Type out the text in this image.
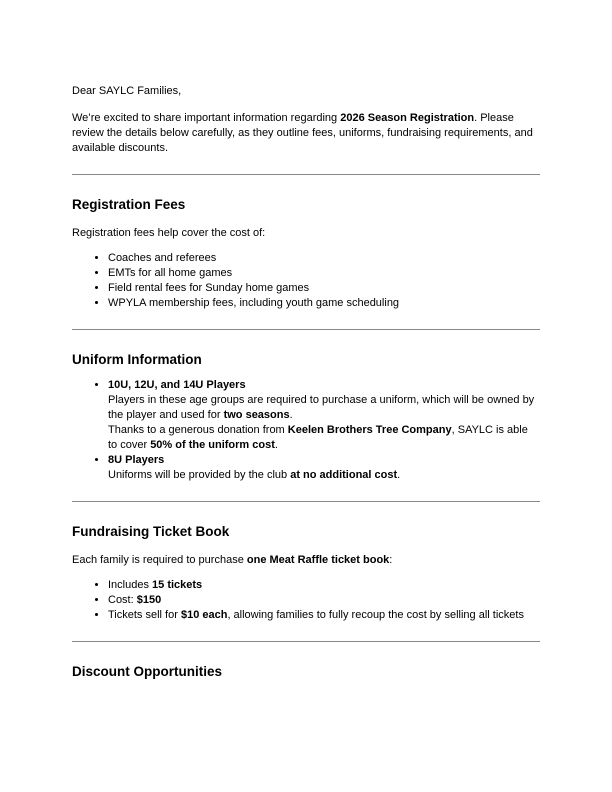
Dear SAYLC Families,

We’re excited to share important information regarding 2026 Season Registration. Please review the details below carefully, as they outline fees, uniforms, fundraising requirements, and available discounts.

Registration Fees

Registration fees help cover the cost of:

• Coaches and referees
• EMTs for all home games
• Field rental fees for Sunday home games
• WPYLA membership fees, including youth game scheduling
Uniform Information
• 10U, 12U, and 14U Players
Players in these age groups are required to purchase a uniform, which will be owned by the player and used for two seasons.
Thanks to a generous donation from Keelen Brothers Tree Company, SAYLC is able to cover 50% of the uniform cost.
• 8U Players
Uniforms will be provided by the club at no additional cost.
Fundraising Ticket Book

Each family is required to purchase one Meat Raffle ticket book:

• Includes 15 tickets
• Cost: $150
• Tickets sell for $10 each, allowing families to fully recoup the cost by selling all tickets
Discount Opportunities
